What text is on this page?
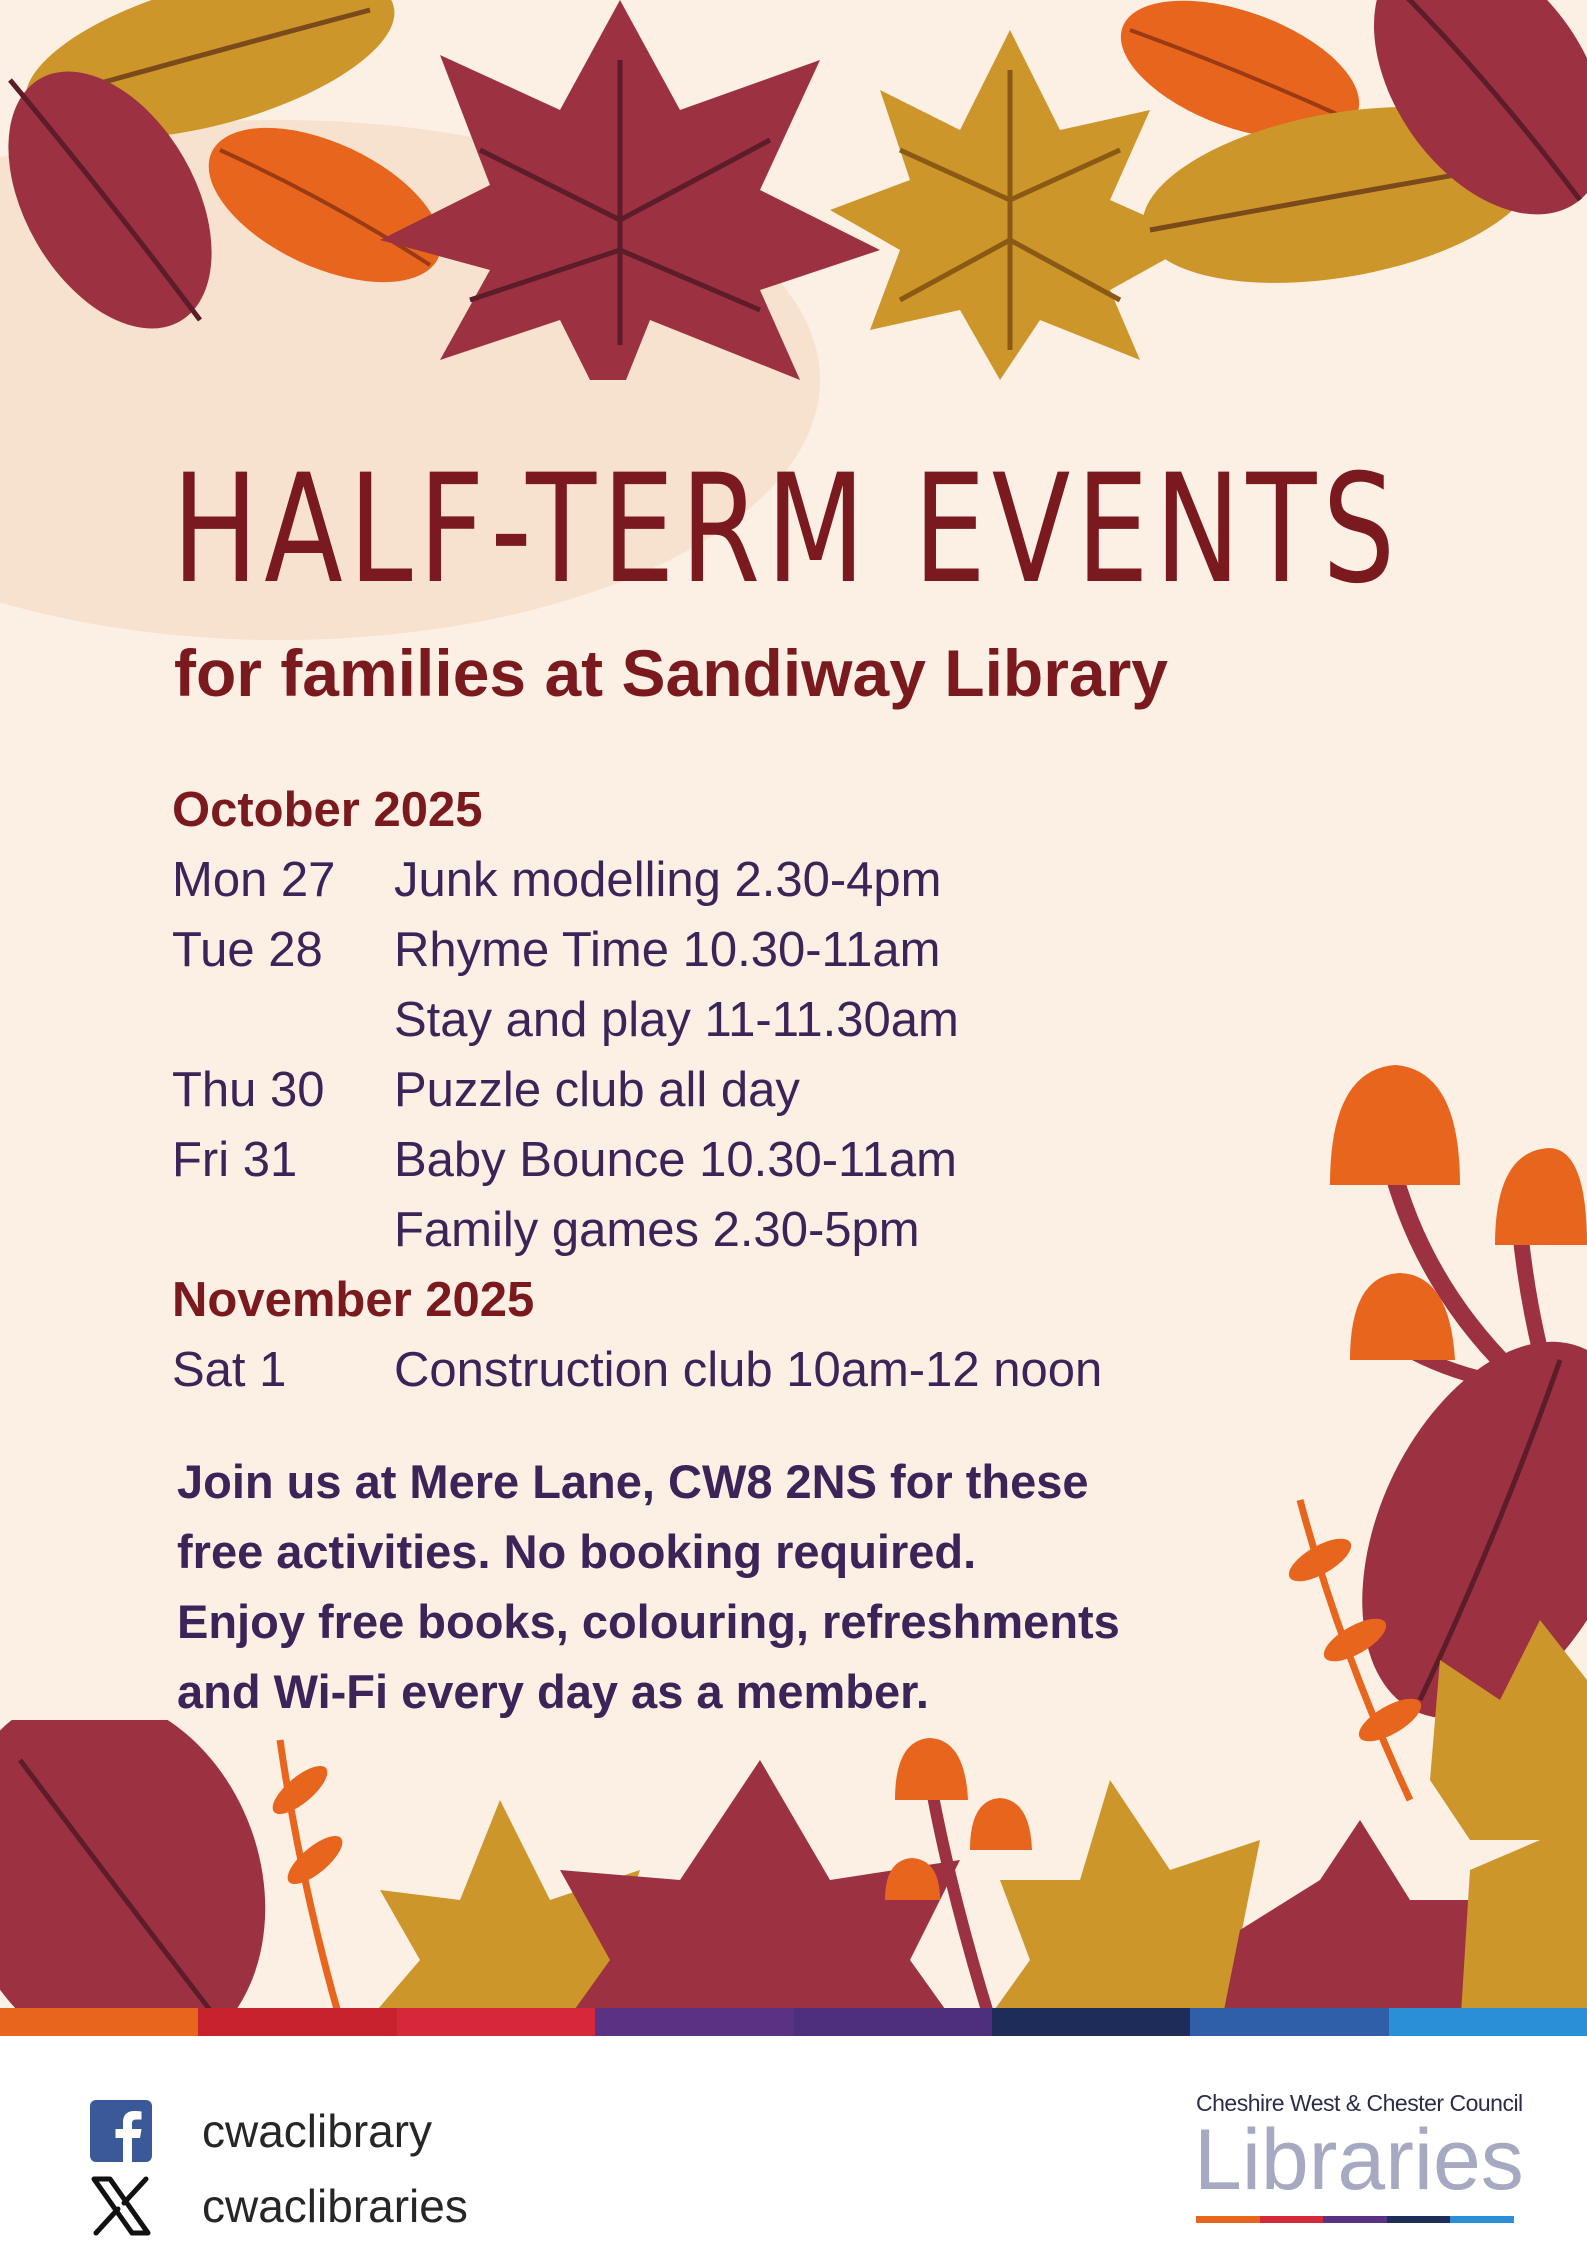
HALF-TERM EVENTS
for families at Sandiway Library
October 2025
Mon 27 Junk modelling 2.30-4pm
Tue 28 Rhyme Time 10.30-11am
Stay and play 11-11.30am
Thu 30 Puzzle club all day
Fri 31 Baby Bounce 10.30-11am
Family games 2.30-5pm
November 2025
Sat 1 Construction club 10am-12 noon

Join us at Mere Lane, CW8 2NS for these
free activities. No booking required.
Enjoy free books, colouring, refreshments
and Wi-Fi every day as a member.

cwaclibrary
cwaclibraries
Cheshire West & Chester Council
Libraries
